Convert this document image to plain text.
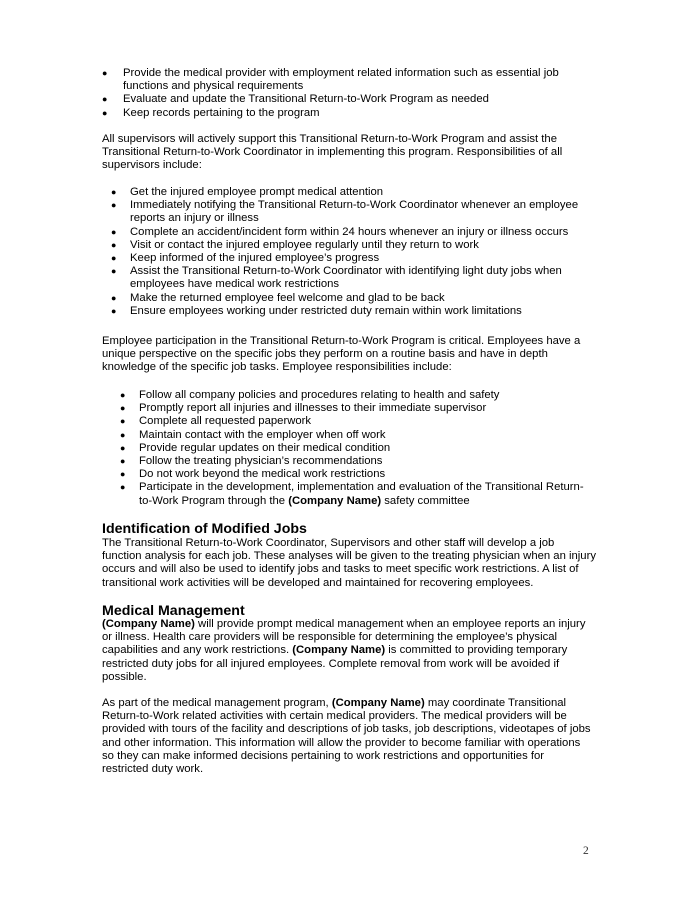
● Provide the medical provider with employment related information such as essential job functions and physical requirements
● Evaluate and update the Transitional Return-to-Work Program as needed
● Keep records pertaining to the program

All supervisors will actively support this Transitional Return-to-Work Program and assist the Transitional Return-to-Work Coordinator in implementing this program. Responsibilities of all supervisors include:

● Get the injured employee prompt medical attention
● Immediately notifying the Transitional Return-to-Work Coordinator whenever an employee reports an injury or illness
● Complete an accident/incident form within 24 hours whenever an injury or illness occurs
● Visit or contact the injured employee regularly until they return to work
● Keep informed of the injured employee’s progress
● Assist the Transitional Return-to-Work Coordinator with identifying light duty jobs when employees have medical work restrictions
● Make the returned employee feel welcome and glad to be back
● Ensure employees working under restricted duty remain within work limitations

Employee participation in the Transitional Return-to-Work Program is critical. Employees have a unique perspective on the specific jobs they perform on a routine basis and have in depth knowledge of the specific job tasks. Employee responsibilities include:

● Follow all company policies and procedures relating to health and safety
● Promptly report all injuries and illnesses to their immediate supervisor
● Complete all requested paperwork
● Maintain contact with the employer when off work
● Provide regular updates on their medical condition
● Follow the treating physician’s recommendations
● Do not work beyond the medical work restrictions
● Participate in the development, implementation and evaluation of the Transitional Return-to-Work Program through the (Company Name) safety committee
Identification of Modified Jobs

The Transitional Return-to-Work Coordinator, Supervisors and other staff will develop a job function analysis for each job. These analyses will be given to the treating physician when an injury occurs and will also be used to identify jobs and tasks to meet specific work restrictions. A list of transitional work activities will be developed and maintained for recovering employees.

Medical Management

(Company Name) will provide prompt medical management when an employee reports an injury or illness. Health care providers will be responsible for determining the employee’s physical capabilities and any work restrictions. (Company Name) is committed to providing temporary restricted duty jobs for all injured employees. Complete removal from work will be avoided if possible.

As part of the medical management program, (Company Name) may coordinate Transitional Return-to-Work related activities with certain medical providers. The medical providers will be provided with tours of the facility and descriptions of job tasks, job descriptions, videotapes of jobs and other information. This information will allow the provider to become familiar with operations so they can make informed decisions pertaining to work restrictions and opportunities for restricted duty work.

2
